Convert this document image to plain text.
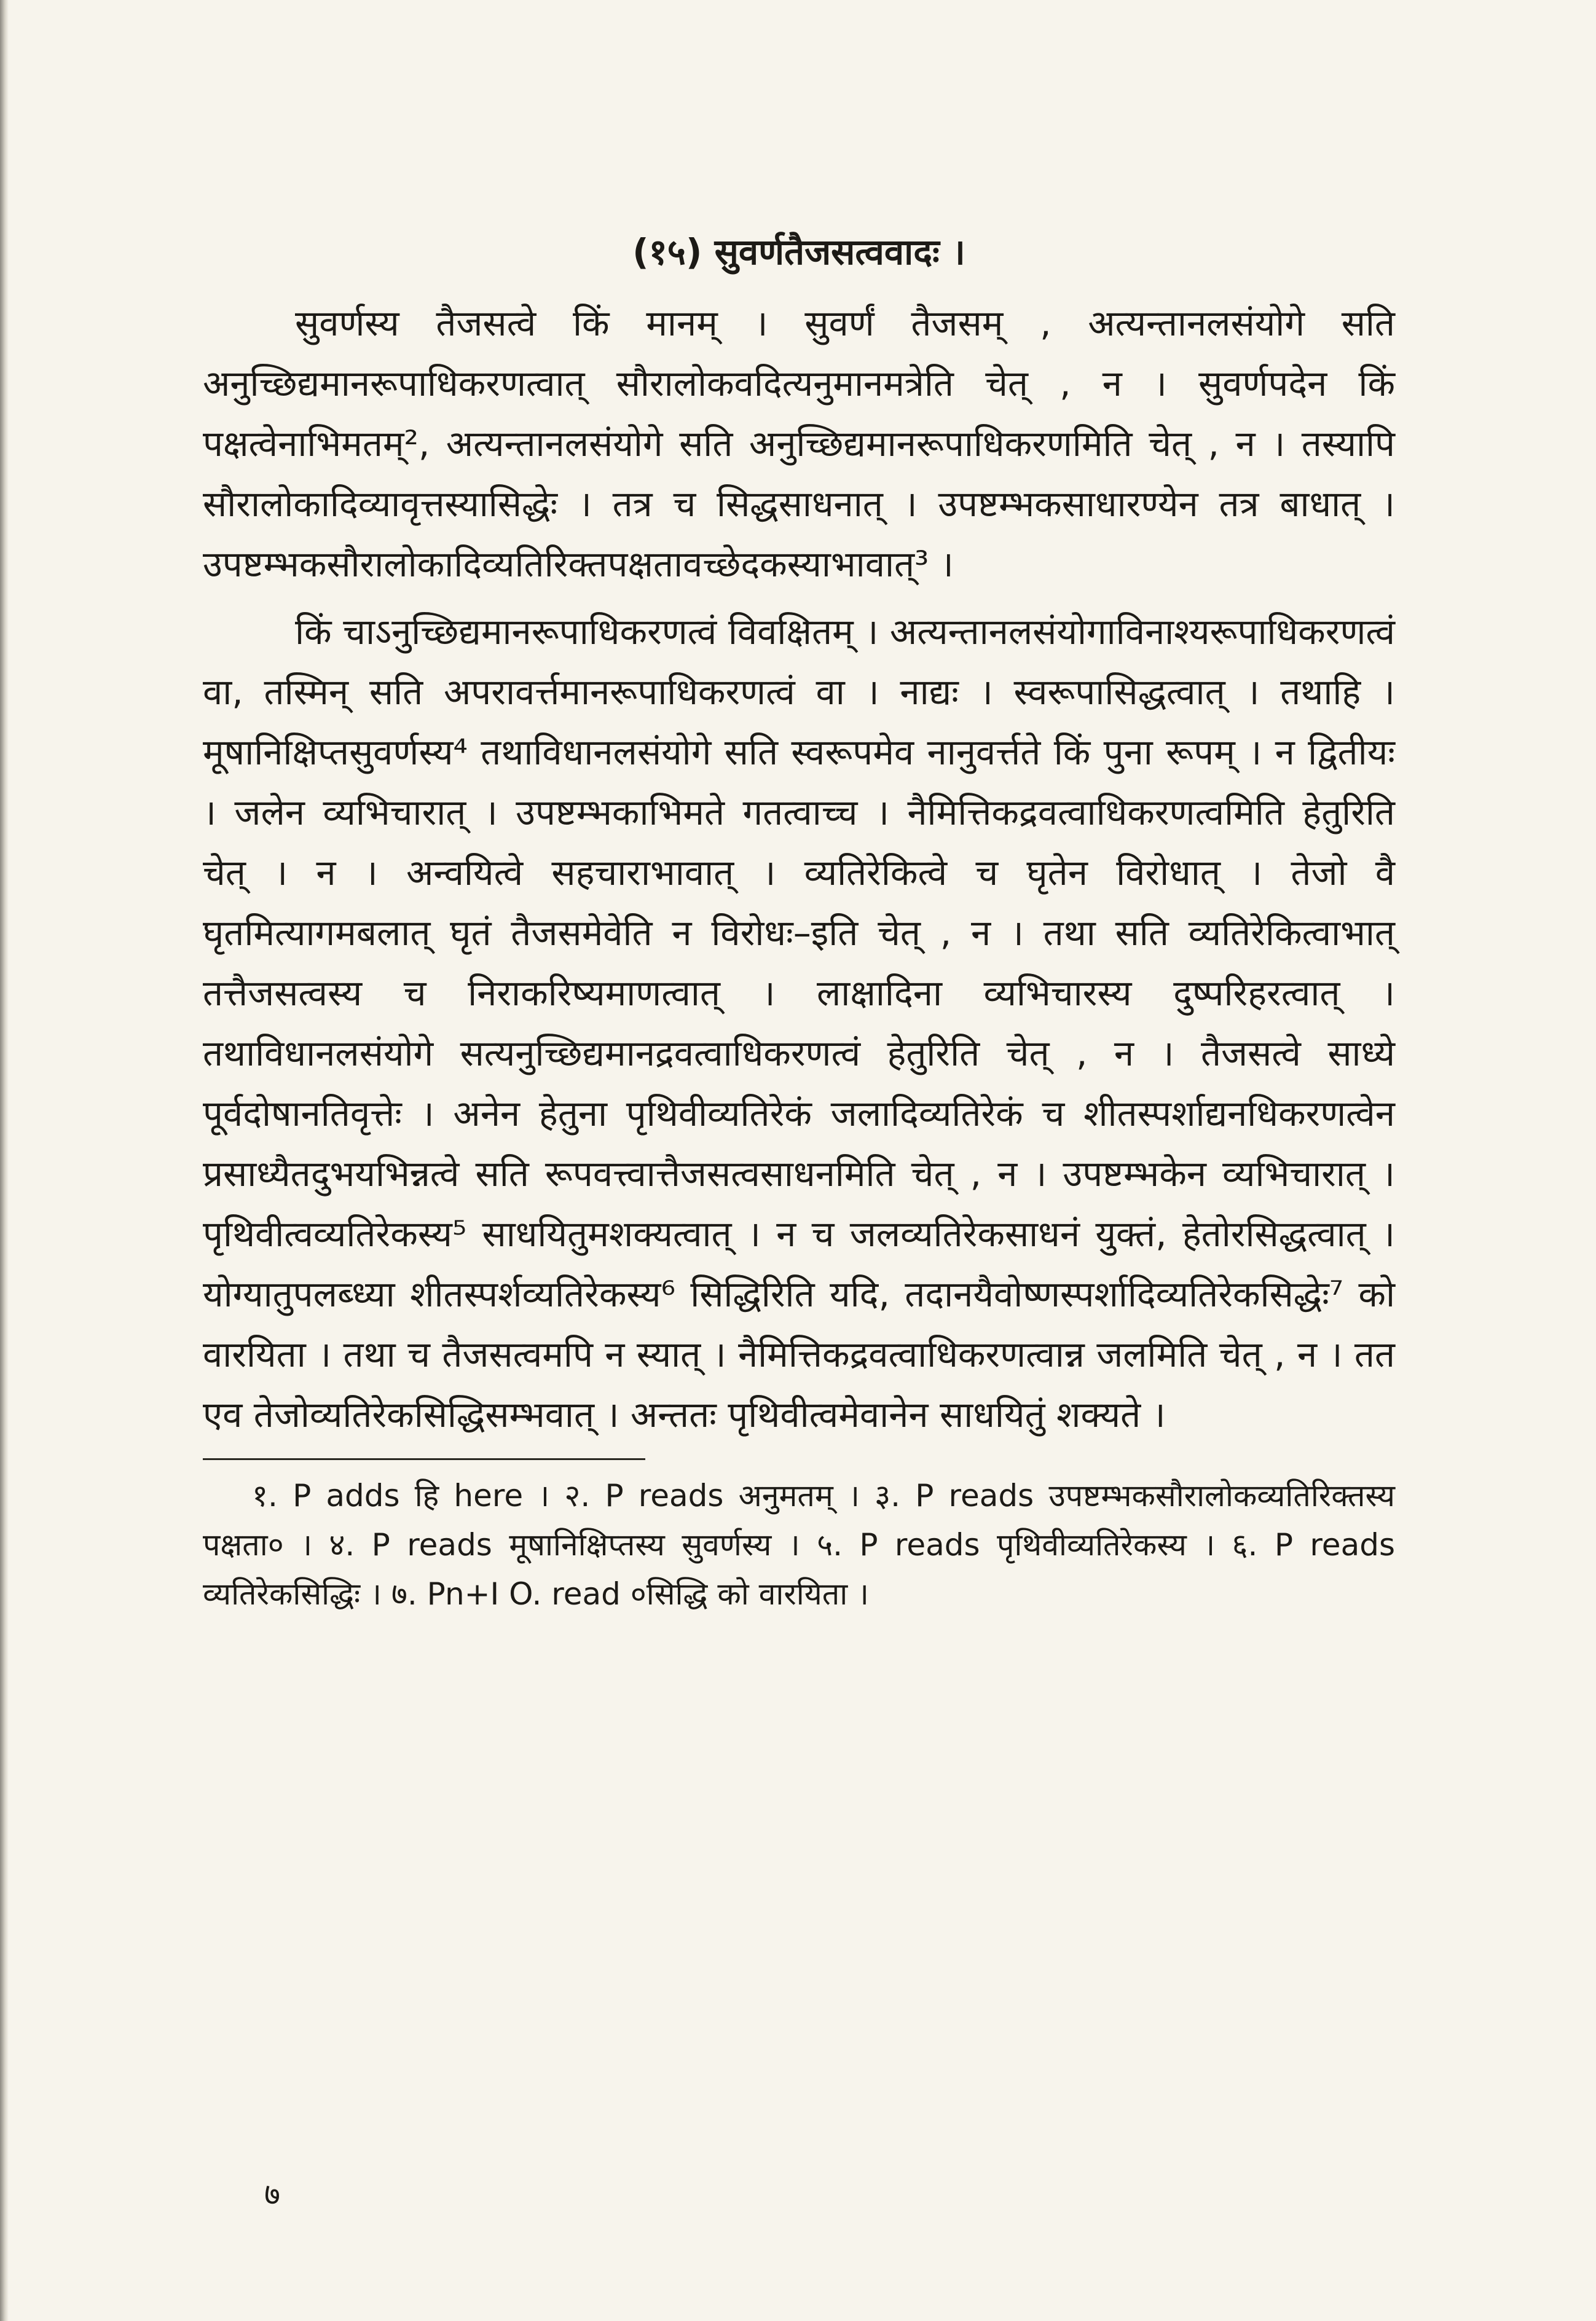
(१५) सुवर्णतैजसत्ववादः ।

सुवर्णस्य तैजसत्वे किं मानम् । सुवर्णं तैजसम् , अत्यन्तानलसंयोगे सति अनुच्छिद्यमानरूपाधिकरणत्वात् सौरालोकवदित्यनुमानमत्रेति चेत् , न । सुवर्णपदेन किं पक्षत्वेनाभिमतम्², अत्यन्तानलसंयोगे सति अनुच्छिद्यमानरूपाधिकरणमिति चेत् , न । तस्यापि सौरालोकादिव्यावृत्तस्यासिद्धेः । तत्र च सिद्धसाधनात् । उपष्टम्भकसाधारण्येन तत्र बाधात् । उपष्टम्भकसौरालोकादिव्यतिरिक्तपक्षतावच्छेदकस्याभावात्³ ।

किं चाऽनुच्छिद्यमानरूपाधिकरणत्वं विवक्षितम् । अत्यन्तानलसंयोगाविनाश्यरूपाधिकरणत्वं वा, तस्मिन् सति अपरावर्त्तमानरूपाधिकरणत्वं वा । नाद्यः । स्वरूपासिद्धत्वात् । तथाहि । मूषानिक्षिप्तसुवर्णस्य⁴ तथाविधानलसंयोगे सति स्वरूपमेव नानुवर्त्तते किं पुना रूपम् । न द्वितीयः । जलेन व्यभिचारात् । उपष्टम्भकाभिमते गतत्वाच्च । नैमित्तिकद्रवत्वाधिकरणत्वमिति हेतुरिति चेत् । न । अन्वयित्वे सहचाराभावात् । व्यतिरेकित्वे च घृतेन विरोधात् । तेजो वै घृतमित्यागमबलात् घृतं तैजसमेवेति न विरोधः–इति चेत् , न । तथा सति व्यतिरेकित्वाभात् तत्तैजसत्वस्य च निराकरिष्यमाणत्वात् । लाक्षादिना व्यभिचारस्य दुष्परिहरत्वात् । तथाविधानलसंयोगे सत्यनुच्छिद्यमानद्रवत्वाधिकरणत्वं हेतुरिति चेत् , न । तैजसत्वे साध्ये पूर्वदोषानतिवृत्तेः । अनेन हेतुना पृथिवीव्यतिरेकं जलादिव्यतिरेकं च शीतस्पर्शाद्यनधिकरणत्वेन प्रसाध्यैतदुभयभिन्नत्वे सति रूपवत्त्वात्तैजसत्वसाधनमिति चेत् , न । उपष्टम्भकेन व्यभिचारात् । पृथिवीत्वव्यतिरेकस्य⁵ साधयितुमशक्यत्वात् । न च जलव्यतिरेकसाधनं युक्तं, हेतोरसिद्धत्वात् । योग्यातुपलब्ध्या शीतस्पर्शव्यतिरेकस्य⁶ सिद्धिरिति यदि, तदानयैवोष्णस्पर्शादिव्यतिरेकसिद्धेः⁷ को वारयिता । तथा च तैजसत्वमपि न स्यात् । नैमित्तिकद्रवत्वाधिकरणत्वान्न जलमिति चेत् , न । तत एव तेजोव्यतिरेकसिद्धिसम्भवात् । अन्ततः पृथिवीत्वमेवानेन साधयितुं शक्यते ।

१. P adds हि here । २. P reads अनुमतम् । ३. P reads उपष्टम्भकसौरालोकव्यतिरिक्तस्य पक्षता० । ४. P reads मूषानिक्षिप्तस्य सुवर्णस्य । ५. P reads पृथिवीव्यतिरेकस्य । ६. P reads व्यतिरेकसिद्धिः । ७. Pn+I O. read ०सिद्धि को वारयिता ।

७
